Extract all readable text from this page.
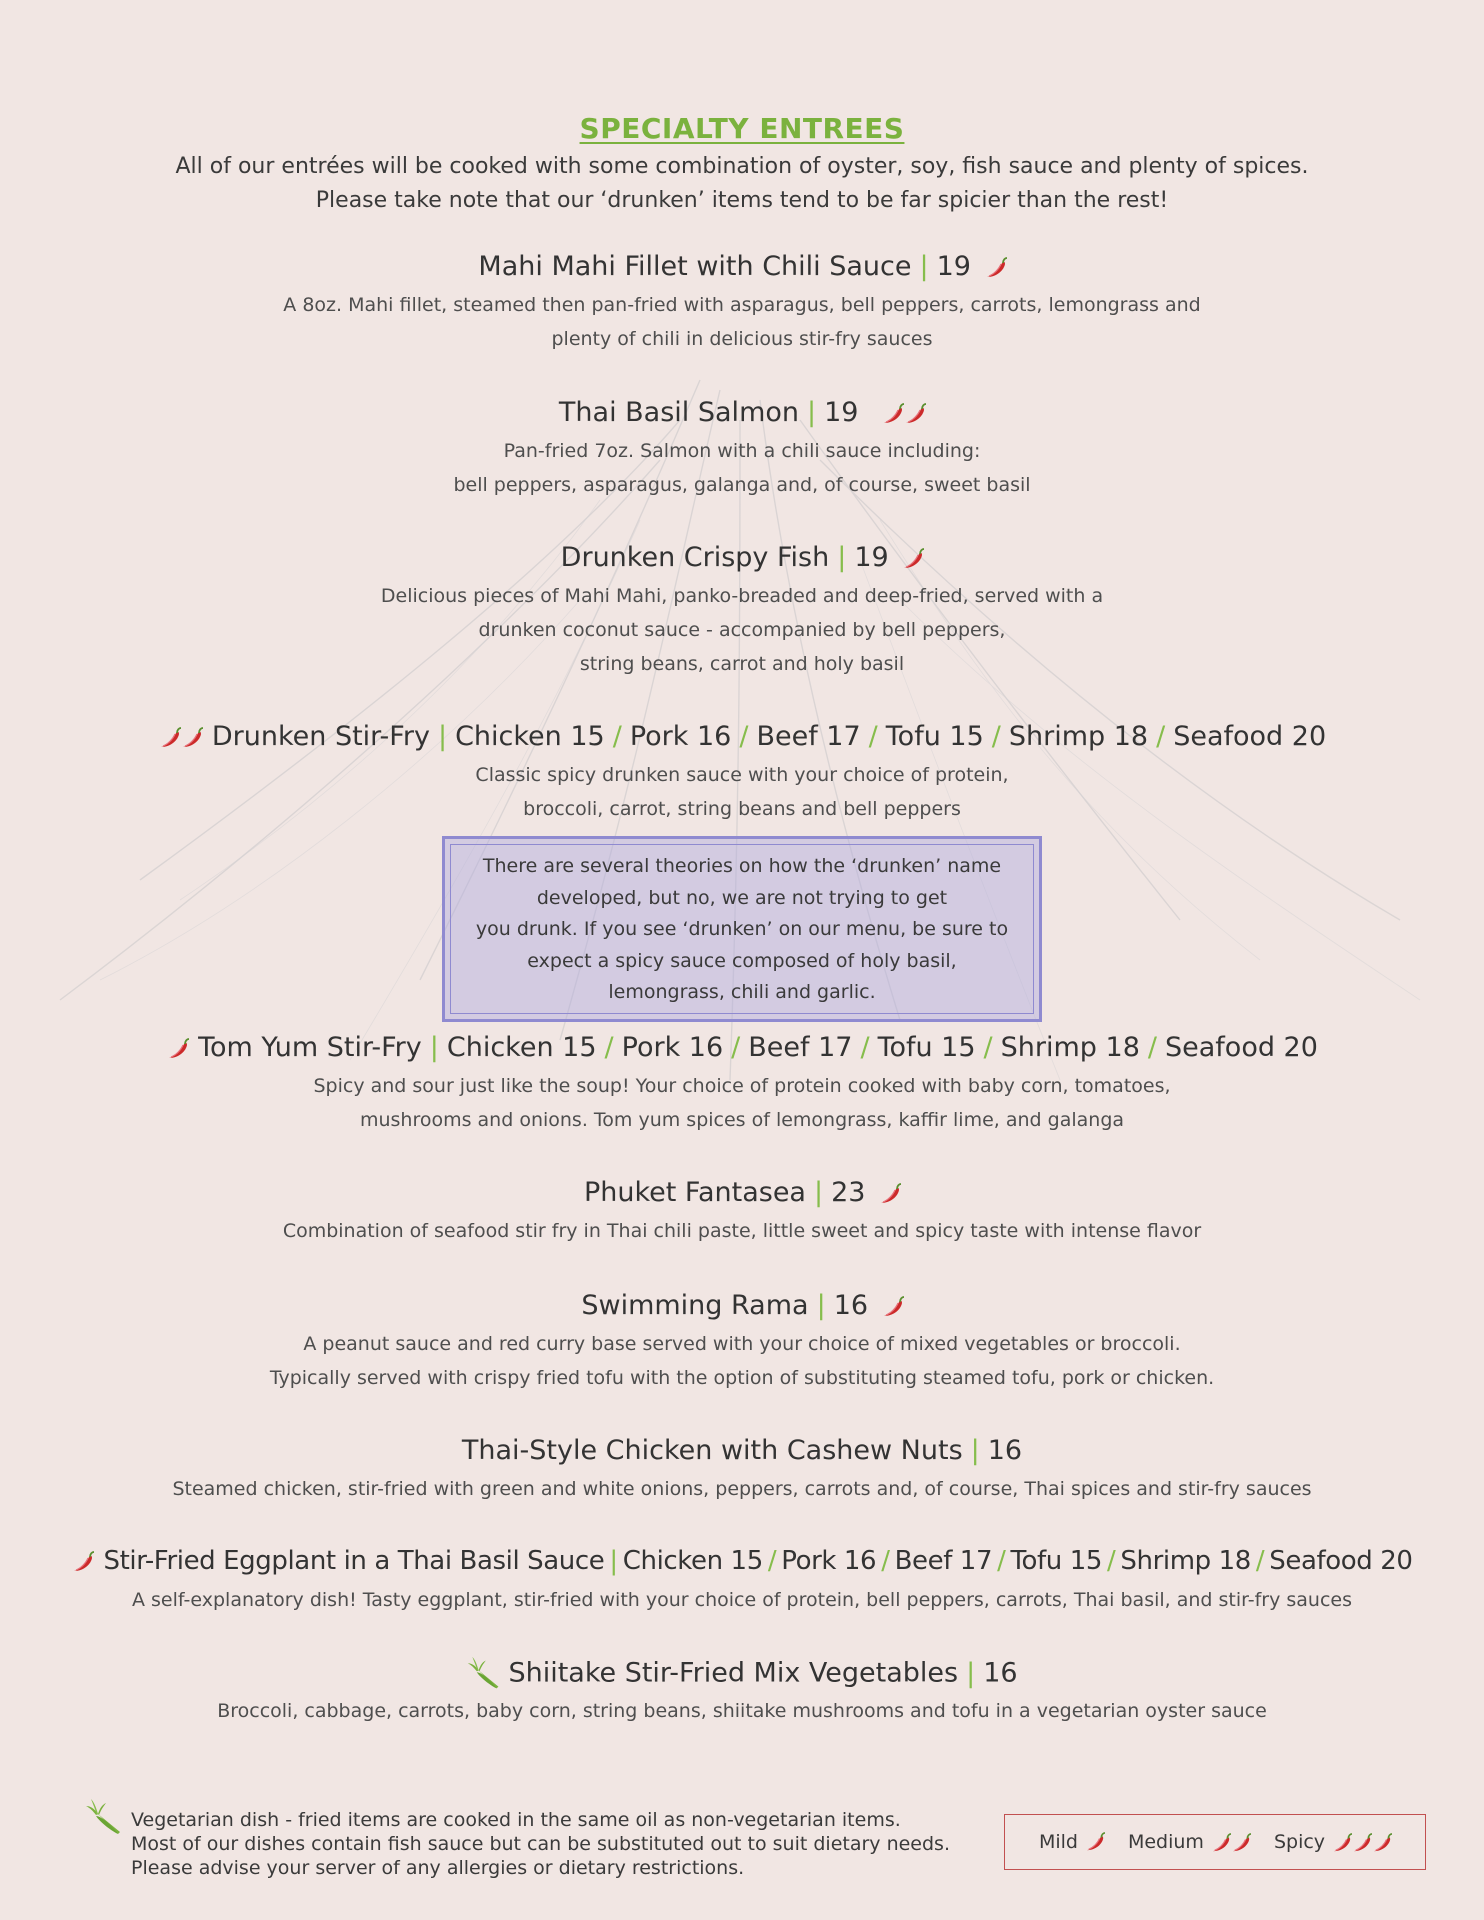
SPECIALTY ENTREES
All of our entrées will be cooked with some combination of oyster, soy, fish sauce and plenty of spices.
Please take note that our ‘drunken’ items tend to be far spicier than the rest!
Mahi Mahi Fillet with Chili Sauce | 19
A 8oz. Mahi fillet, steamed then pan-fried with asparagus, bell peppers, carrots, lemongrass and
plenty of chili in delicious stir-fry sauces
Thai Basil Salmon | 19
Pan-fried 7oz. Salmon with a chili sauce including:
bell peppers, asparagus, galanga and, of course, sweet basil
Drunken Crispy Fish | 19
Delicious pieces of Mahi Mahi, panko-breaded and deep-fried, served with a
drunken coconut sauce - accompanied by bell peppers,
string beans, carrot and holy basil
Drunken Stir-Fry | Chicken 15 / Pork 16 / Beef 17 / Tofu 15 / Shrimp 18 / Seafood 20
Classic spicy drunken sauce with your choice of protein,
broccoli, carrot, string beans and bell peppers
There are several theories on how the ‘drunken’ name
developed, but no, we are not trying to get
you drunk. If you see ‘drunken’ on our menu, be sure to
expect a spicy sauce composed of holy basil,
lemongrass, chili and garlic.
Tom Yum Stir-Fry | Chicken 15 / Pork 16 / Beef 17 / Tofu 15 / Shrimp 18 / Seafood 20
Spicy and sour just like the soup! Your choice of protein cooked with baby corn, tomatoes,
mushrooms and onions. Tom yum spices of lemongrass, kaffir lime, and galanga
Phuket Fantasea | 23
Combination of seafood stir fry in Thai chili paste, little sweet and spicy taste with intense flavor
Swimming Rama | 16
A peanut sauce and red curry base served with your choice of mixed vegetables or broccoli.
Typically served with crispy fried tofu with the option of substituting steamed tofu, pork or chicken.
Thai-Style Chicken with Cashew Nuts | 16
Steamed chicken, stir-fried with green and white onions, peppers, carrots and, of course, Thai spices and stir-fry sauces
Stir-Fried Eggplant in a Thai Basil Sauce | Chicken 15 / Pork 16 / Beef 17 / Tofu 15 / Shrimp 18 / Seafood 20
A self-explanatory dish! Tasty eggplant, stir-fried with your choice of protein, bell peppers, carrots, Thai basil, and stir-fry sauces
Shiitake Stir-Fried Mix Vegetables | 16
Broccoli, cabbage, carrots, baby corn, string beans, shiitake mushrooms and tofu in a vegetarian oyster sauce
Vegetarian dish - fried items are cooked in the same oil as non-vegetarian items.
Most of our dishes contain fish sauce but can be substituted out to suit dietary needs.
Please advise your server of any allergies or dietary restrictions.
Mild	Medium	Spicy
